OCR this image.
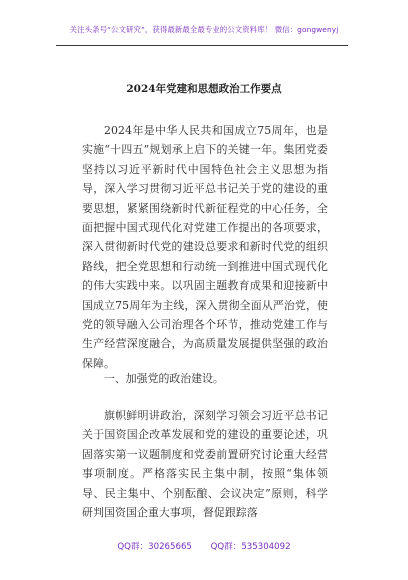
关注头条号“公文研究”，获得最新最全最专业的公文资料库！ 微信：gongwenyj
2024年党建和思想政治工作要点

2024年是中华人民共和国成立75周年，也是实施“十四五”规划承上启下的关键一年。集团党委坚持以习近平新时代中国特色社会主义思想为指导，深入学习贯彻习近平总书记关于党的建设的重要思想，紧紧围绕新时代新征程党的中心任务，全面把握中国式现代化对党建工作提出的各项要求，深入贯彻新时代党的建设总要求和新时代党的组织路线，把全党思想和行动统一到推进中国式现代化的伟大实践中来。以巩固主题教育成果和迎接新中国成立75周年为主线，深入贯彻全面从严治党，使党的领导融入公司治理各个环节，推动党建工作与生产经营深度融合，为高质量发展提供坚强的政治保障。

一、加强党的政治建设。

旗帜鲜明讲政治，深刻学习领会习近平总书记关于国资国企改革发展和党的建设的重要论述，巩固落实第一议题制度和党委前置研究讨论重大经营事项制度。严格落实民主集中制，按照“集体领导、民主集中、个别酝酿、会议决定”原则，科学研判国资国企重大事项，督促跟踪落

QQ群：30265665 QQ群：535304092
